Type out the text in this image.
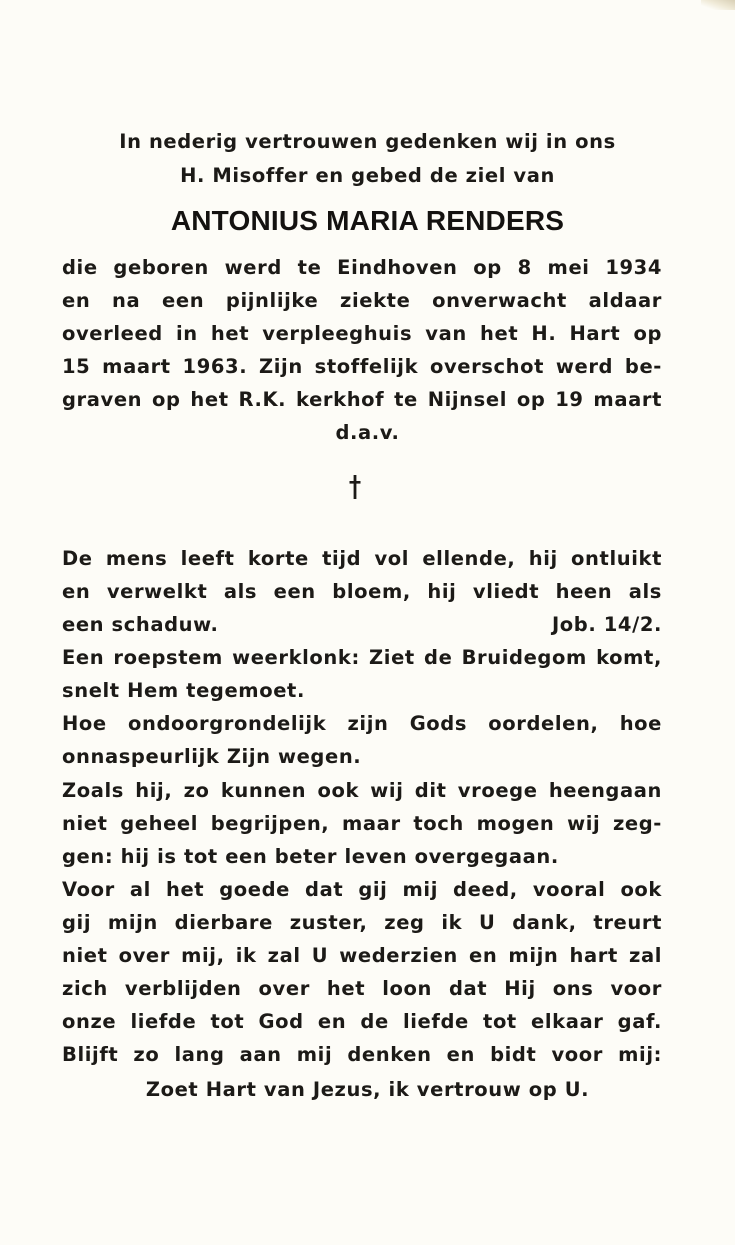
In nederig vertrouwen gedenken wij in ons
H. Misoffer en gebed de ziel van
ANTONIUS MARIA RENDERS
die geboren werd te Eindhoven op 8 mei 1934
en na een pijnlijke ziekte onverwacht aldaar
overleed in het verpleeghuis van het H. Hart op
15 maart 1963. Zijn stoffelijk overschot werd be-
graven op het R.K. kerkhof te Nijnsel op 19 maart
d.a.v.
De mens leeft korte tijd vol ellende, hij ontluikt
en verwelkt als een bloem, hij vliedt heen als
een schaduw.	Job. 14/2.
Een roepstem weerklonk: Ziet de Bruidegom komt,
snelt Hem tegemoet.
Hoe ondoorgrondelijk zijn Gods oordelen, hoe
onnaspeurlijk Zijn wegen.
Zoals hij, zo kunnen ook wij dit vroege heengaan
niet geheel begrijpen, maar toch mogen wij zeg-
gen: hij is tot een beter leven overgegaan.
Voor al het goede dat gij mij deed, vooral ook
gij mijn dierbare zuster, zeg ik U dank, treurt
niet over mij, ik zal U wederzien en mijn hart zal
zich verblijden over het loon dat Hij ons voor
onze liefde tot God en de liefde tot elkaar gaf.
Blijft zo lang aan mij denken en bidt voor mij:
Zoet Hart van Jezus, ik vertrouw op U.
